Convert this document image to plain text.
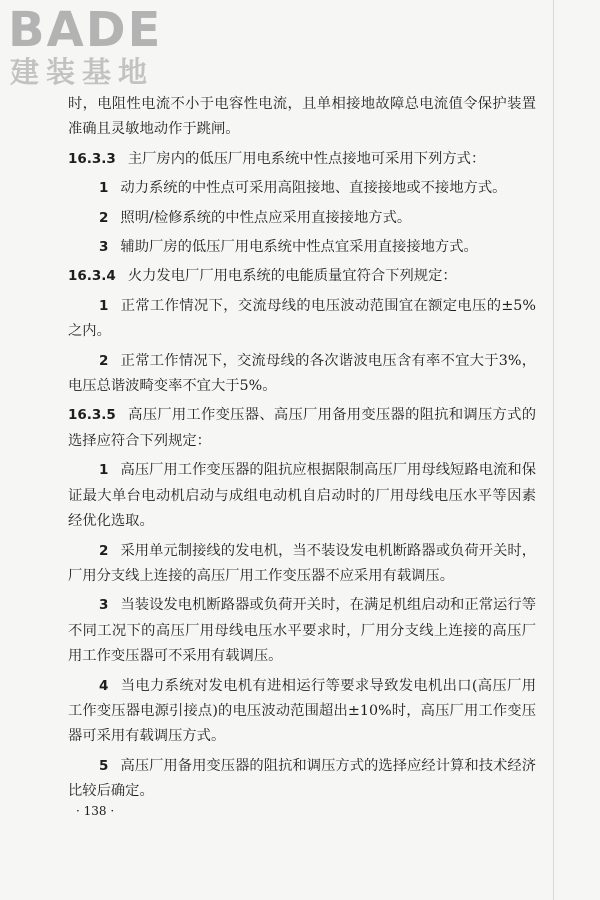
BADE
建装基地

时，电阻性电流不小于电容性电流，且单相接地故障总电流值令保护装置准确且灵敏地动作于跳闸。

16.3.3 主厂房内的低压厂用电系统中性点接地可采用下列方式：

1 动力系统的中性点可采用高阻接地、直接接地或不接地方式。

2 照明/检修系统的中性点应采用直接接地方式。

3 辅助厂房的低压厂用电系统中性点宜采用直接接地方式。

16.3.4 火力发电厂厂用电系统的电能质量宜符合下列规定：

1 正常工作情况下，交流母线的电压波动范围宜在额定电压的±5%之内。

2 正常工作情况下，交流母线的各次谐波电压含有率不宜大于3%，电压总谐波畸变率不宜大于5%。

16.3.5 高压厂用工作变压器、高压厂用备用变压器的阻抗和调压方式的选择应符合下列规定：

1 高压厂用工作变压器的阻抗应根据限制高压厂用母线短路电流和保证最大单台电动机启动与成组电动机自启动时的厂用母线电压水平等因素经优化选取。

2 采用单元制接线的发电机，当不装设发电机断路器或负荷开关时，厂用分支线上连接的高压厂用工作变压器不应采用有载调压。

3 当装设发电机断路器或负荷开关时，在满足机组启动和正常运行等不同工况下的高压厂用母线电压水平要求时，厂用分支线上连接的高压厂用工作变压器可不采用有载调压。

4 当电力系统对发电机有进相运行等要求导致发电机出口(高压厂用工作变压器电源引接点)的电压波动范围超出±10%时，高压厂用工作变压器可采用有载调压方式。

5 高压厂用备用变压器的阻抗和调压方式的选择应经计算和技术经济比较后确定。

· 138 ·
